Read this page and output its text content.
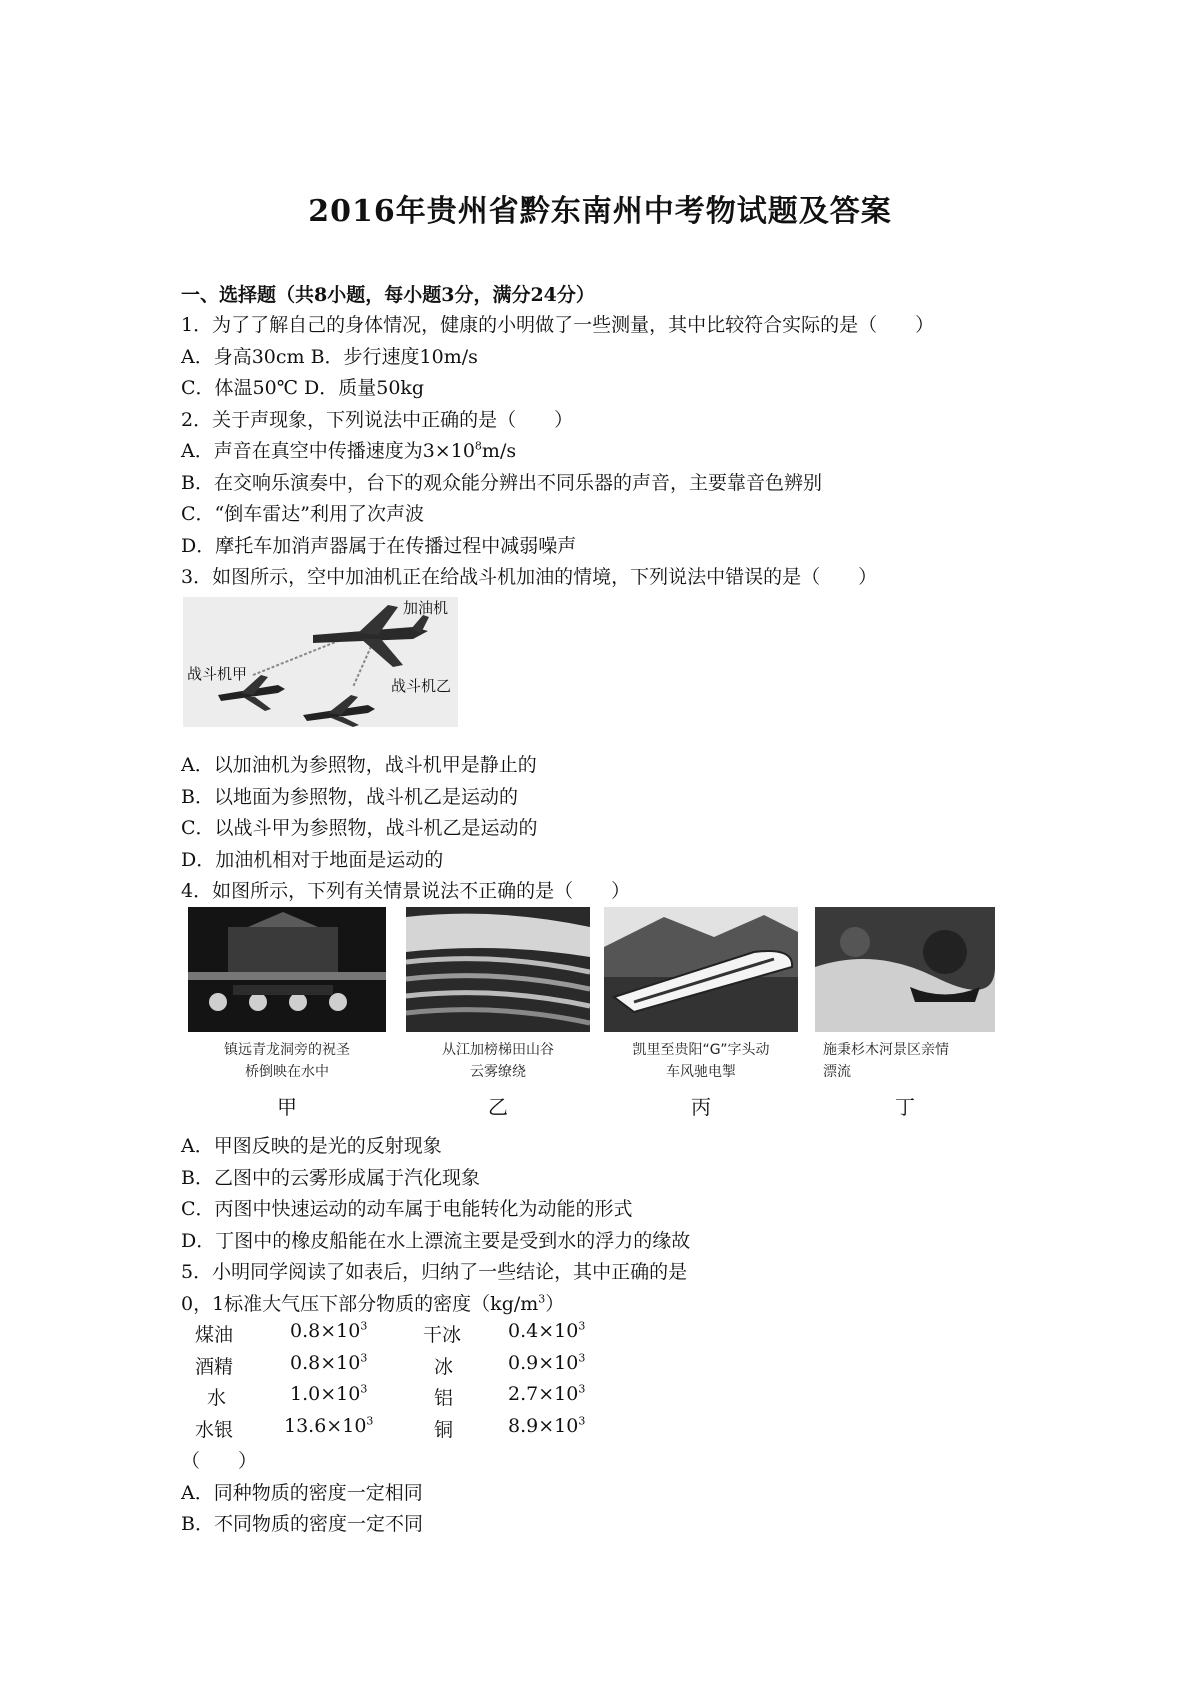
2016年贵州省黔东南州中考物试题及答案
一、选择题（共8小题，每小题3分，满分24分）
1．为了了解自己的身体情况，健康的小明做了一些测量，其中比较符合实际的是（　　）
A．身高30cm B．步行速度10m/s
C．体温50℃ D．质量50kg
2．关于声现象，下列说法中正确的是（　　）
A．声音在真空中传播速度为$3\times 10^8m/s$
B．在交响乐演奏中，台下的观众能分辨出不同乐器的声音，主要靠音色辨别
C．“倒车雷达”利用了次声波
D．摩托车加消声器属于在传播过程中减弱噪声
3．如图所示，空中加油机正在给战斗机加油的情境，下列说法中错误的是（　　）
加油机
战斗机甲
战斗机乙
A．以加油机为参照物，战斗机甲是静止的
B．以地面为参照物，战斗机乙是运动的
C．以战斗甲为参照物，战斗机乙是运动的
D．加油机相对于地面是运动的
4．如图所示，下列有关情景说法不正确的是（　　）
镇远青龙洞旁的祝圣
桥倒映在水中
甲
从江加榜梯田山谷
云雾缭绕
乙
凯里至贵阳“G”字头动
车风驰电掣
丙
施秉杉木河景区亲情
漂流
丁
A．甲图反映的是光的反射现象
B．乙图中的云雾形成属于汽化现象
C．丙图中快速运动的动车属于电能转化为动能的形式
D．丁图中的橡皮船能在水上漂流主要是受到水的浮力的缘故
5．小明同学阅读了如表后，归纳了一些结论，其中正确的是
0，1标准大气压下部分物质的密度$(kg/m^3)$
煤油	$0.8\times 10^3$	干冰 $0.4\times 10^3$
酒精	$0.8\times 10^3$	冰	$0.9\times 10^3$
水	$1.0\times 10^3$	铝	$2.7\times 10^3$
水银	$13.6\times 10^3$	铜	$8.9\times 10^3$
（　　）
A．同种物质的密度一定相同
B．不同物质的密度一定不同
